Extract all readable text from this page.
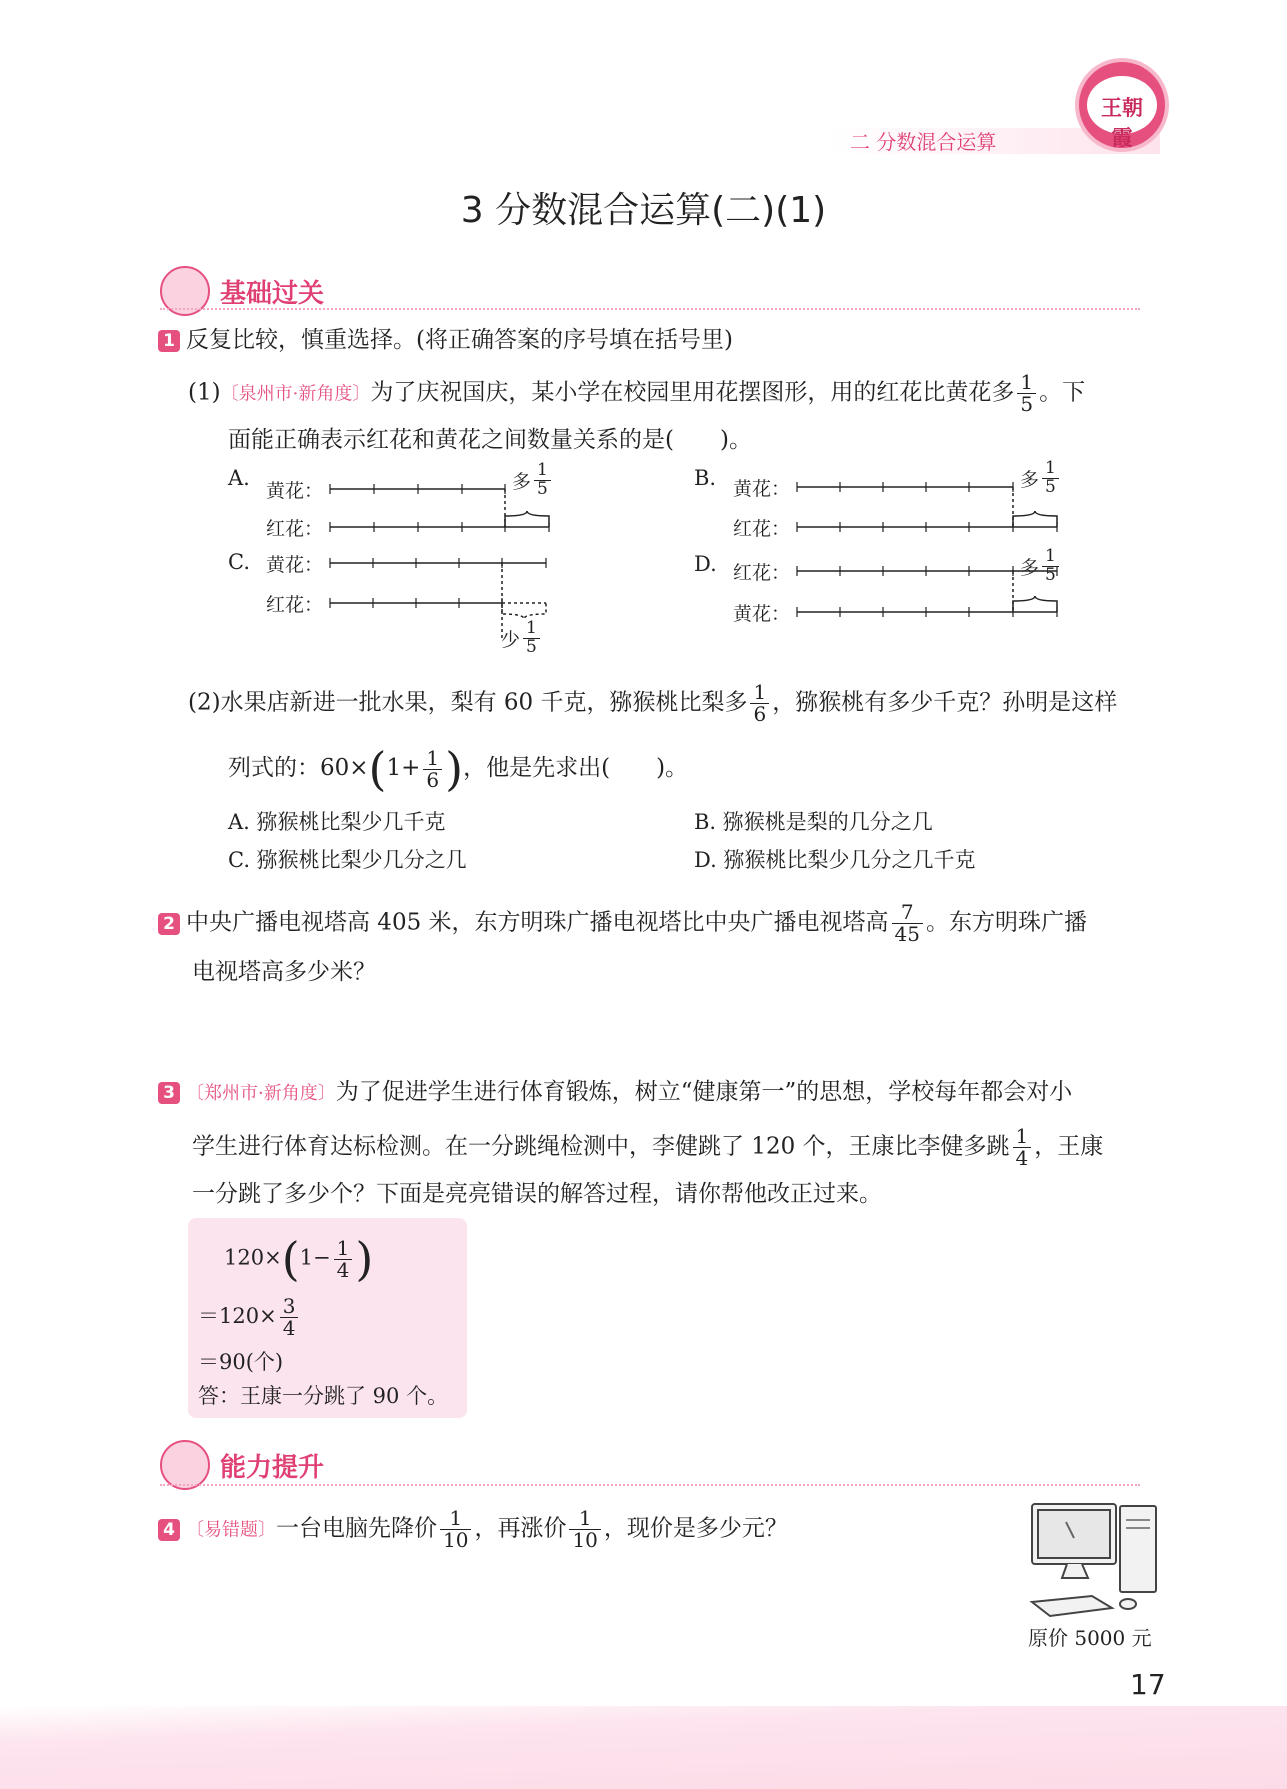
二 分数混合运算
王朝霞
3 分数混合运算(二)(1)
基础过关
1 反复比较，慎重选择。(将正确答案的序号填在括号里)
(1)〔泉州市·新角度〕为了庆祝国庆，某小学在校园里用花摆图形，用的红花比黄花多 $\frac{1}{5}$ 。下
面能正确表示红花和黄花之间数量关系的是(　　)。
A.
黄花：
红花：
多 $\frac{1}{5}$	B. 黄花：
红花：
多 $\frac{1}{5}$
C. 黄花：
红花：
少 $\frac{1}{5}$
D. 红花：
黄花：
多 $\frac{1}{5}$
(2)水果店新进一批水果，梨有 60 千克，猕猴桃比梨多 $\frac{1}{6}$ ，猕猴桃有多少千克？孙明是这样
列式的：$60\times(1+ \frac{1}{6}$ )，他是先求出(　　)。
A. 猕猴桃比梨少几千克	B. 猕猴桃是梨的几分之几
C. 猕猴桃比梨少几分之几	D. 猕猴桃比梨少几分之几千克
2 中央广播电视塔高 405 米，东方明珠广播电视塔比中央广播电视塔高 $\frac{7}{45}$ 。东方明珠广播
电视塔高多少米？
3 〔郑州市·新角度〕为了促进学生进行体育锻炼，树立“健康第一”的思想，学校每年都会对小
学生进行体育达标检测。在一分跳绳检测中，李健跳了 120 个，王康比李健多跳 $\frac{1}{4}$ ，王康
一分跳了多少个？下面是亮亮错误的解答过程，请你帮他改正过来。
$120\times(1- \frac{1}{4}$ )
$=120\times \frac{3}{4}$
＝90(个)
答：王康一分跳了 90 个。
能力提升
4 〔易错题〕一台电脑先降价 $\frac{1}{10}$ ，再涨价 $\frac{1}{10}$ ，现价是多少元？
原价 5000 元
17
